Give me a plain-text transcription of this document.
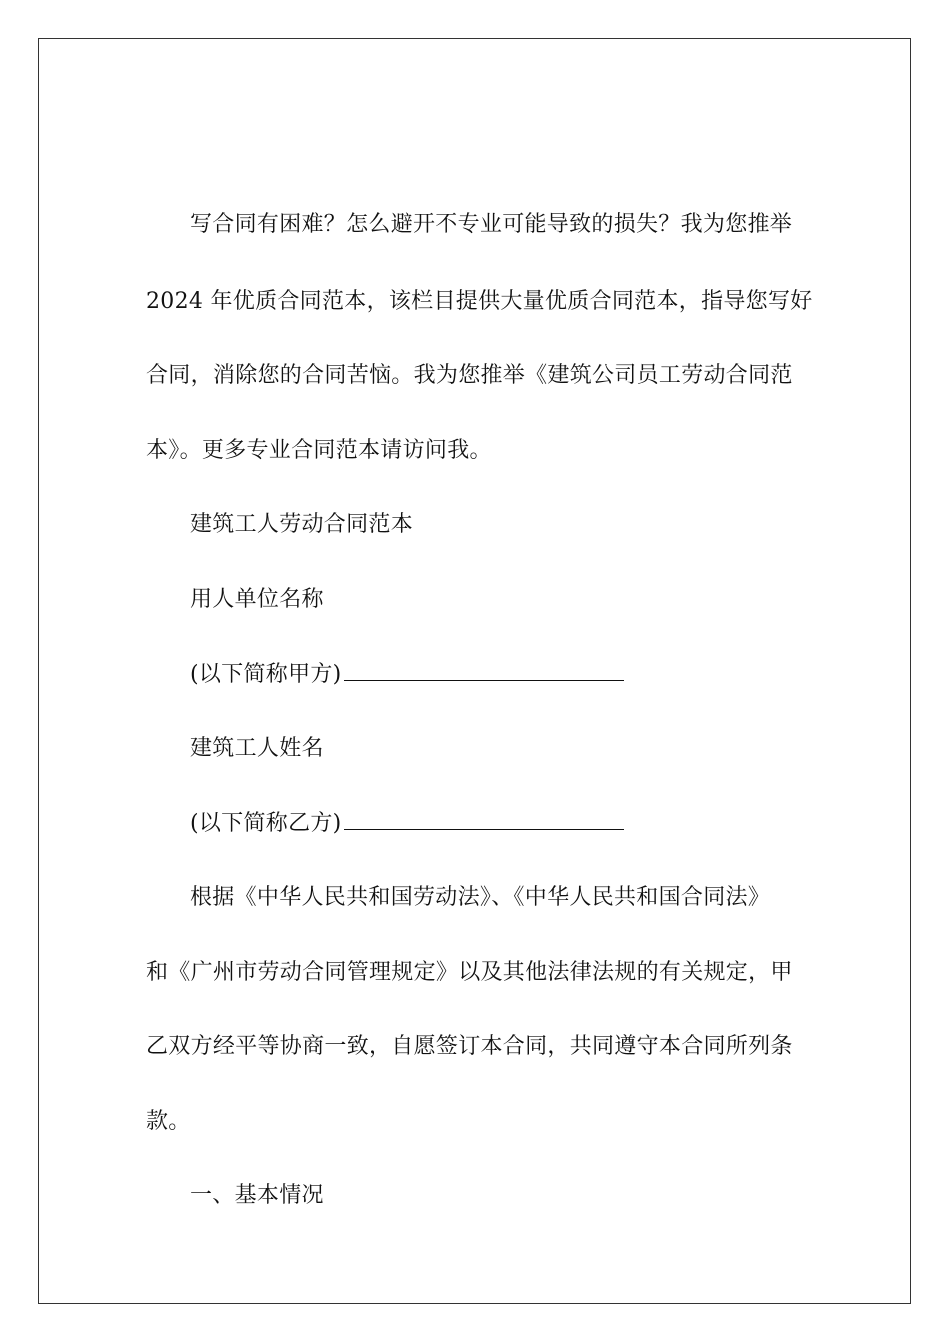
写合同有困难？怎么避开不专业可能导致的损失？我为您推举
2024 年优质合同范本，该栏目提供大量优质合同范本，指导您写好
合同，消除您的合同苦恼。我为您推举《建筑公司员工劳动合同范
本》。更多专业合同范本请访问我。
建筑工人劳动合同范本
用人单位名称
(以下简称甲方)
建筑工人姓名
(以下简称乙方)
根据《中华人民共和国劳动法》、《中华人民共和国合同法》
和《广州市劳动合同管理规定》以及其他法律法规的有关规定，甲
乙双方经平等协商一致，自愿签订本合同，共同遵守本合同所列条
款。
一、基本情况
